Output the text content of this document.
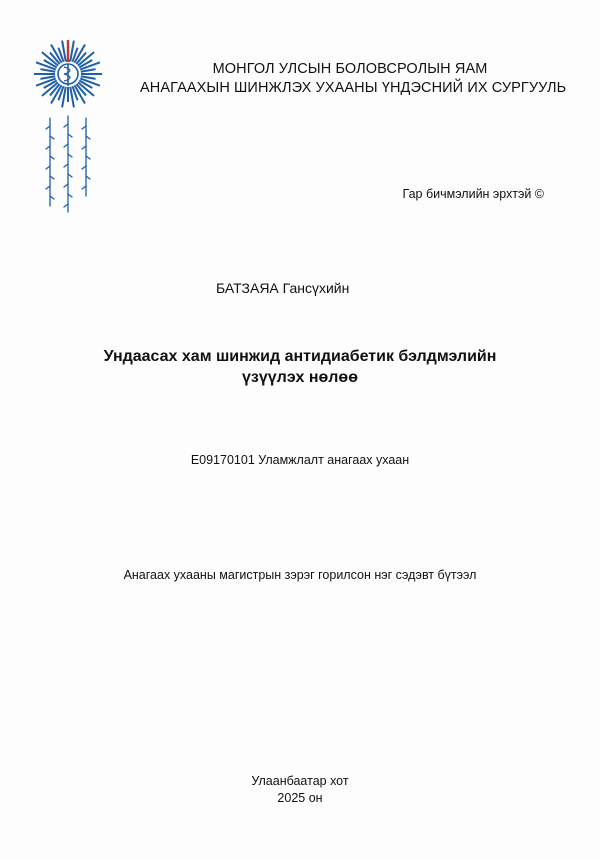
МОНГОЛ УЛСЫН БОЛОВСРОЛЫН ЯАМ
АНАГААХЫН ШИНЖЛЭХ УХААНЫ ҮНДЭСНИЙ ИХ СУРГУУЛЬ
Гар бичмэлийн эрхтэй ©
БАТЗАЯА Гансүхийн
Ундаасах хам шинжид антидиабетик бэлдмэлийн
үзүүлэх нөлөө
E09170101 Уламжлалт анагаах ухаан
Анагаах ухааны магистрын зэрэг горилсон нэг сэдэвт бүтээл
Улаанбаатар хот
2025 он
